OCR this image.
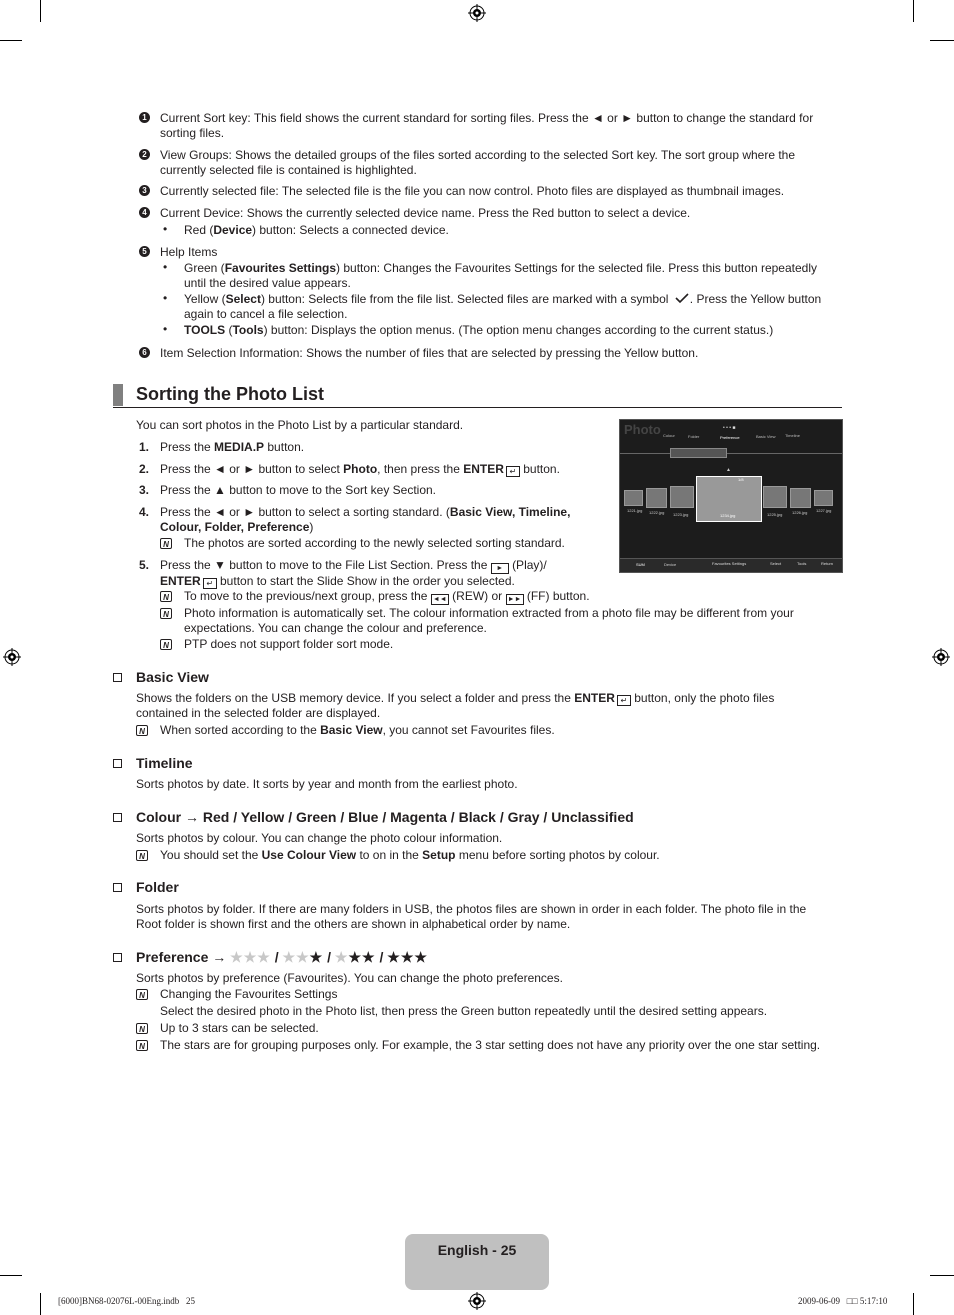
1 Current Sort key: This field shows the current standard for sorting files. Press the ◄ or ► button to change the standard for
sorting files.
2 View Groups: Shows the detailed groups of the files sorted according to the selected Sort key. The sort group where the
currently selected file is contained is highlighted.
3 Currently selected file: The selected file is the file you can now control. Photo files are displayed as thumbnail images.
4 Current Device: Shows the currently selected device name. Press the Red button to select a device.
• Red (Device) button: Selects a connected device.
5 Help Items
• Green (Favourites Settings) button: Changes the Favourites Settings for the selected file. Press this button repeatedly
until the desired value appears.
• Yellow (Select) button: Selects file from the file list. Selected files are marked with a symbol . Press the Yellow button
again to cancel a file selection.
• TOOLS (Tools) button: Displays the option menus. (The option menu changes according to the current status.)
6 Item Selection Information: Shows the number of files that are selected by pressing the Yellow button.
Sorting the Photo List
You can sort photos in the Photo List by a particular standard.
1. Press the MEDIA.P button.
2. Press the ◄ or ► button to select Photo, then press the ENTER ↵ button.
3. Press the ▲ button to move to the Sort key Section.
4. Press the ◄ or ► button to select a sorting standard. (Basic View, Timeline,
Colour, Folder, Preference)
N The photos are sorted according to the newly selected sorting standard.
5. Press the ▼ button to move to the File List Section. Press the ► (Play)/
ENTER ↵ button to start the Slide Show in the order you selected.
N To move to the previous/next group, press the ◄◄ (REW) or ►► (FF) button.
N Photo information is automatically set. The colour information extracted from a photo file may be different from your
expectations. You can change the colour and preference.
N PTP does not support folder sort mode.
Photo Colour	Folder	Preference
• • • ■
Basic View Timeline
▲
1/8
1221.jpg 1222.jpg 1223.jpg	1234.jpg	1225.jpg 1226.jpg 1227.jpg
SUM	Device	Favourites Settings	Select	Tools	Return
Basic View
Shows the folders on the USB memory device. If you select a folder and press the ENTER ↵ button, only the photo files
contained in the selected folder are displayed.
N When sorted according to the Basic View, you cannot set Favourites files.
Timeline
Sorts photos by date. It sorts by year and month from the earliest photo.
Colour → Red / Yellow / Green / Blue / Magenta / Black / Gray / Unclassified
Sorts photos by colour. You can change the photo colour information.
N You should set the Use Colour View to on in the Setup menu before sorting photos by colour.
Folder
Sorts photos by folder. If there are many folders in USB, the photos files are shown in order in each folder. The photo file in the
Root folder is shown first and the others are shown in alphabetical order by name.
Preference → ★★★ / ★★★ / ★★★ / ★★★
Sorts photos by preference (Favourites). You can change the photo preferences.
N Changing the Favourites Settings
Select the desired photo in the Photo list, then press the Green button repeatedly until the desired setting appears.
N Up to 3 stars can be selected.
N The stars are for grouping purposes only. For example, the 3 star setting does not have any priority over the one star setting.
English - 25
[6000]BN68-02076L-00Eng.indb   25	2009-06-09   □□ 5:17:10
